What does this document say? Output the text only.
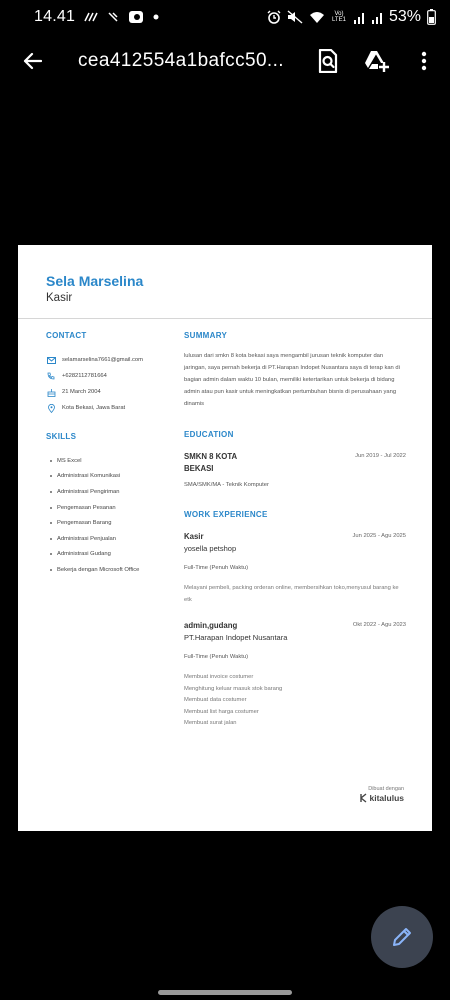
14.41	Vo) LTE1	53%
cea412554a1bafcc50...
Sela Marselina
Kasir
CONTACT
selamarselina7661@gmail.com
+6282112781664
21 March 2004
Kota Bekasi, Jawa Barat
SKILLS
MS Excel
Administrasi Komunikasi
Administrasi Pengiriman
Pengemasan Pesanan
Pengemasan Barang
Administrasi Penjualan
Administrasi Gudang
Bekerja dengan Microsoft Office
SUMMARY
lulusan dari smkn 8 kota bekasi saya mengambil jurusan teknik komputer dan jaringan, saya pernah bekerja di PT.Harapan Indopet Nusantara saya di terap kan di bagian admin dalam waktu 10 bulan, memiliki ketertarikan untuk bekerja di bidang admin atau pun kasir untuk meningkatkan pertumbuhan bisnis di perusahaan yang dinamis
EDUCATION
SMKN 8 KOTA BEKASI
Jun 2019 - Jul 2022
SMA/SMK/MA - Teknik Komputer
WORK EXPERIENCE
Kasir	Jun 2025 - Agu 2025
yosella petshop
Full-Time (Penuh Waktu)
Melayani pembeli, packing orderan online, membersihkan toko,menyusul barang ke etk
admin,gudang	Okt 2022 - Agu 2023
PT.Harapan Indopet Nusantara
Full-Time (Penuh Waktu)
Membuat invoice costumer
Menghitung keluar masuk stok barang
Membuat data costumer
Membuat list harga costumer
Membuat surat jalan
Dibuat dengan
kitalulus
